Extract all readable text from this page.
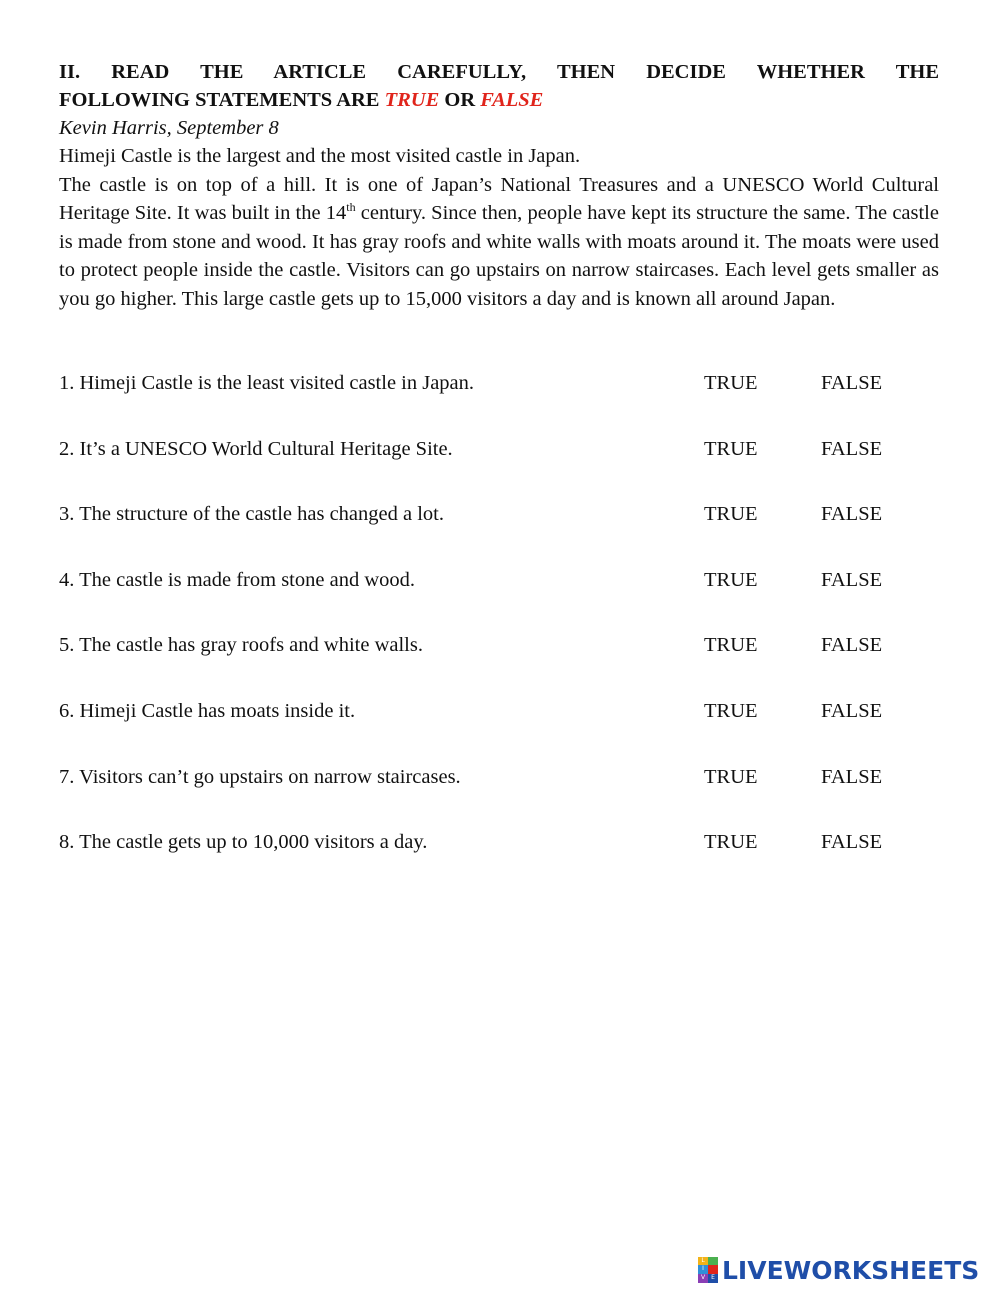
II. READ THE ARTICLE CAREFULLY, THEN DECIDE WHETHER THE
FOLLOWING STATEMENTS ARE TRUE OR FALSE

Kevin Harris, September 8

Himeji Castle is the largest and the most visited castle in Japan.

The castle is on top of a hill. It is one of Japan’s National Treasures and a UNESCO World Cultural Heritage Site. It was built in the 14th century. Since then, people have kept its structure the same. The castle is made from stone and wood. It has gray roofs and white walls with moats around it. The moats were used to protect people inside the castle. Visitors can go upstairs on narrow staircases. Each level gets smaller as you go higher. This large castle gets up to 15,000 visitors a day and is known all around Japan.

1. Himeji Castle is the least visited castle in Japan.	TRUE	FALSE
2. It’s a UNESCO World Cultural Heritage Site.	TRUE	FALSE
3. The structure of the castle has changed a lot.	TRUE	FALSE
4. The castle is made from stone and wood.	TRUE	FALSE
5. The castle has gray roofs and white walls.	TRUE	FALSE
6. Himeji Castle has moats inside it.	TRUE	FALSE
7. Visitors can’t go upstairs on narrow staircases.	TRUE	FALSE
8. The castle gets up to 10,000 visitors a day.	TRUE	FALSE
L
I
V	E LIVEWORKSHEETS
